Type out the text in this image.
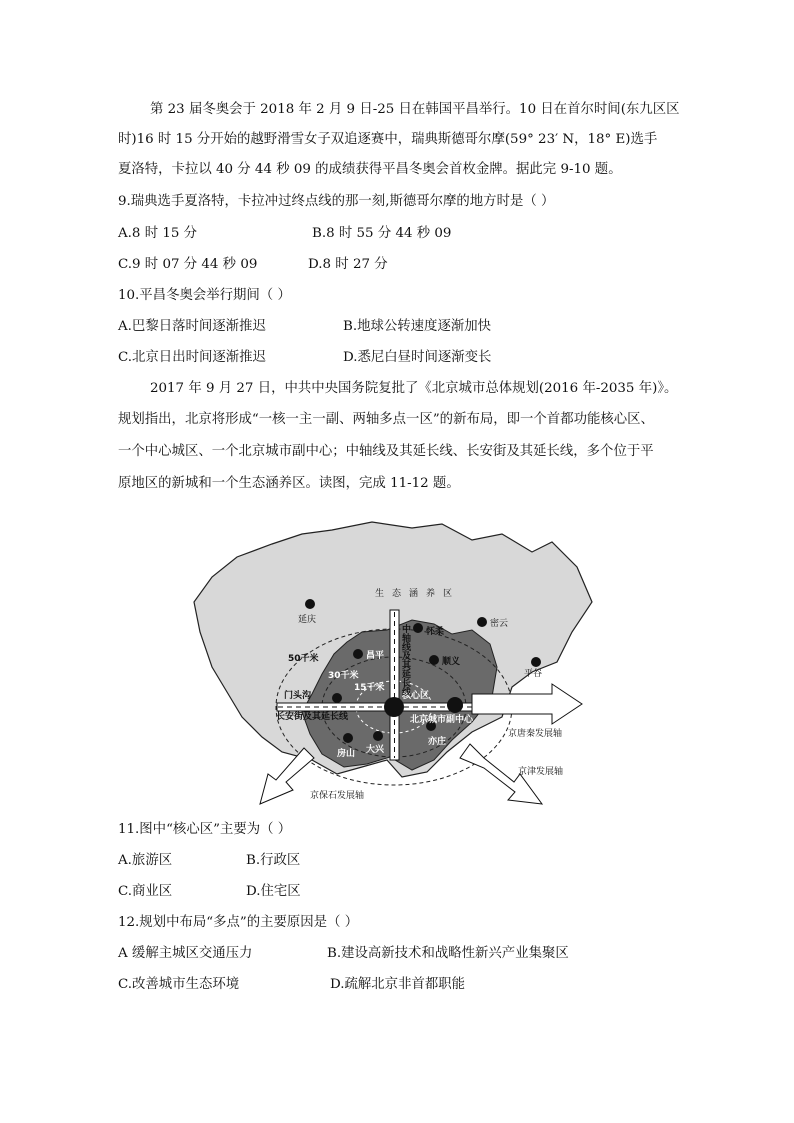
第 23 届冬奥会于 2018 年 2 月 9 日-25 日在韩国平昌举行。10 日在首尔时间(东九区区
时)16 时 15 分开始的越野滑雪女子双追逐赛中，瑞典斯德哥尔摩(59° 23′ N，18° E)选手
夏洛特，卡拉以 40 分 44 秒 09 的成绩获得平昌冬奥会首枚金牌。据此完 9-10 题。
9.瑞典选手夏洛特，卡拉冲过终点线的那一刻,斯德哥尔摩的地方时是（ ）
A.8 时 15 分	B.8 时 55 分 44 秒 09
C.9 时 07 分 44 秒 09	D.8 时 27 分
10.平昌冬奥会举行期间（ ）
A.巴黎日落时间逐渐推迟	B.地球公转速度逐渐加快
C.北京日出时间逐渐推迟	D.悉尼白昼时间逐渐变长
2017 年 9 月 27 日，中共中央国务院复批了《北京城市总体规划(2016 年-2035 年)》。
规划指出，北京将形成“一核一主一副、两轴多点一区”的新布局，即一个首都功能核心区、
一个中心城区、一个北京城市副中心；中轴线及其延长线、长安街及其延长线，多个位于平
原地区的新城和一个生态涵养区。读图，完成 11-12 题。
生态涵养区
延庆
怀柔
密云
平谷
昌平
顺义
门头沟
房山 大兴
亦庄
核心区
北京城市副中心
长安街及其延长线
50千米
30千米
15千米
京唐秦发展轴
京津发展轴
京保石发展轴
中轴线及其延长线
11.图中“核心区”主要为（ ）
A.旅游区	B.行政区
C.商业区	D.住宅区
12.规划中布局“多点”的主要原因是（ ）
A 缓解主城区交通压力	B.建设高新技术和战略性新兴产业集聚区
C.改善城市生态环境	D.疏解北京非首都职能
